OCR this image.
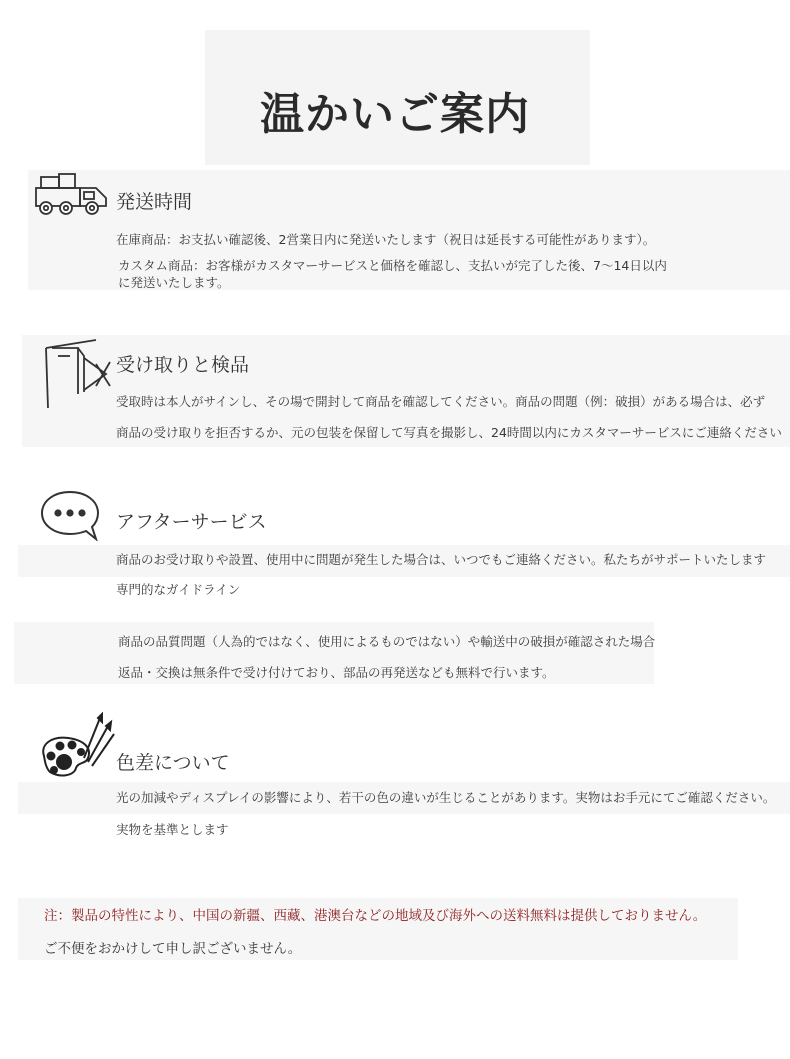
温かいご案内
発送時間
在庫商品：お支払い確認後、2営業日内に発送いたします（祝日は延長する可能性があります）。
カスタム商品：お客様がカスタマーサービスと価格を確認し、支払いが完了した後、7〜14日以内
に発送いたします。
受け取りと検品
受取時は本人がサインし、その場で開封して商品を確認してください。商品の問題（例：破損）がある場合は、必ず
商品の受け取りを拒否するか、元の包装を保留して写真を撮影し、24時間以内にカスタマーサービスにご連絡ください
アフターサービス
商品のお受け取りや設置、使用中に問題が発生した場合は、いつでもご連絡ください。私たちがサポートいたします
専門的なガイドライン
商品の品質問題（人為的ではなく、使用によるものではない）や輸送中の破損が確認された場合
返品・交換は無条件で受け付けており、部品の再発送なども無料で行います。
色差について
光の加減やディスプレイの影響により、若干の色の違いが生じることがあります。実物はお手元にてご確認ください。
実物を基準とします
注：製品の特性により、中国の新疆、西藏、港澳台などの地域及び海外への送料無料は提供しておりません。
ご不便をおかけして申し訳ございません。
